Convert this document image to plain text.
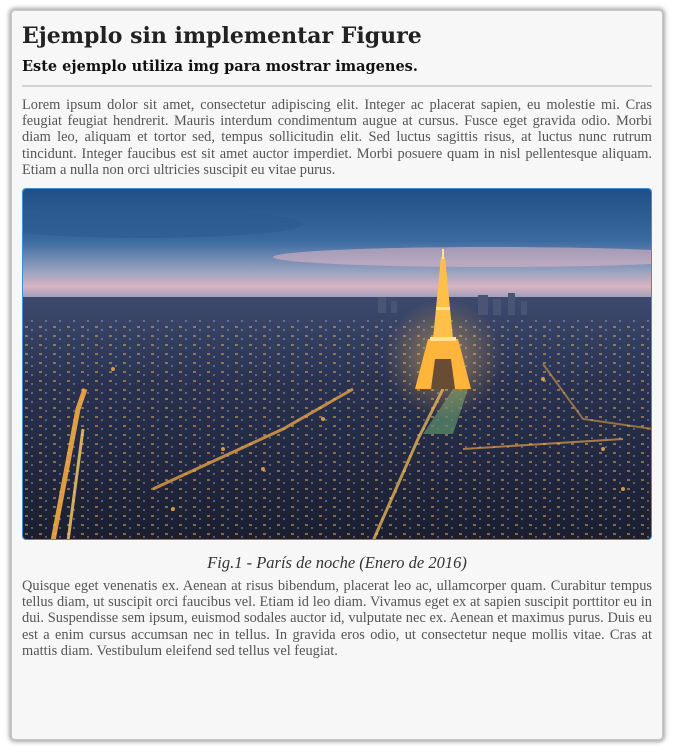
Ejemplo sin implementar Figure
Este ejemplo utiliza img para mostrar imagenes.

Lorem ipsum dolor sit amet, consectetur adipiscing elit. Integer ac placerat sapien, eu molestie mi. Cras feugiat feugiat hendrerit. Mauris interdum condimentum augue at cursus. Fusce eget gravida odio. Morbi diam leo, aliquam et tortor sed, tempus sollicitudin elit. Sed luctus sagittis risus, at luctus nunc rutrum tincidunt. Integer faucibus est sit amet auctor imperdiet. Morbi posuere quam in nisl pellentesque aliquam. Etiam a nulla non orci ultricies suscipit eu vitae purus.

Fig.1 - París de noche (Enero de 2016)

Quisque eget venenatis ex. Aenean at risus bibendum, placerat leo ac, ullamcorper quam. Curabitur tempus tellus diam, ut suscipit orci faucibus vel. Etiam id leo diam. Vivamus eget ex at sapien suscipit porttitor eu in dui. Suspendisse sem ipsum, euismod sodales auctor id, vulputate nec ex. Aenean et maximus purus. Duis eu est a enim cursus accumsan nec in tellus. In gravida eros odio, ut consectetur neque mollis vitae. Cras at mattis diam. Vestibulum eleifend sed tellus vel feugiat.
